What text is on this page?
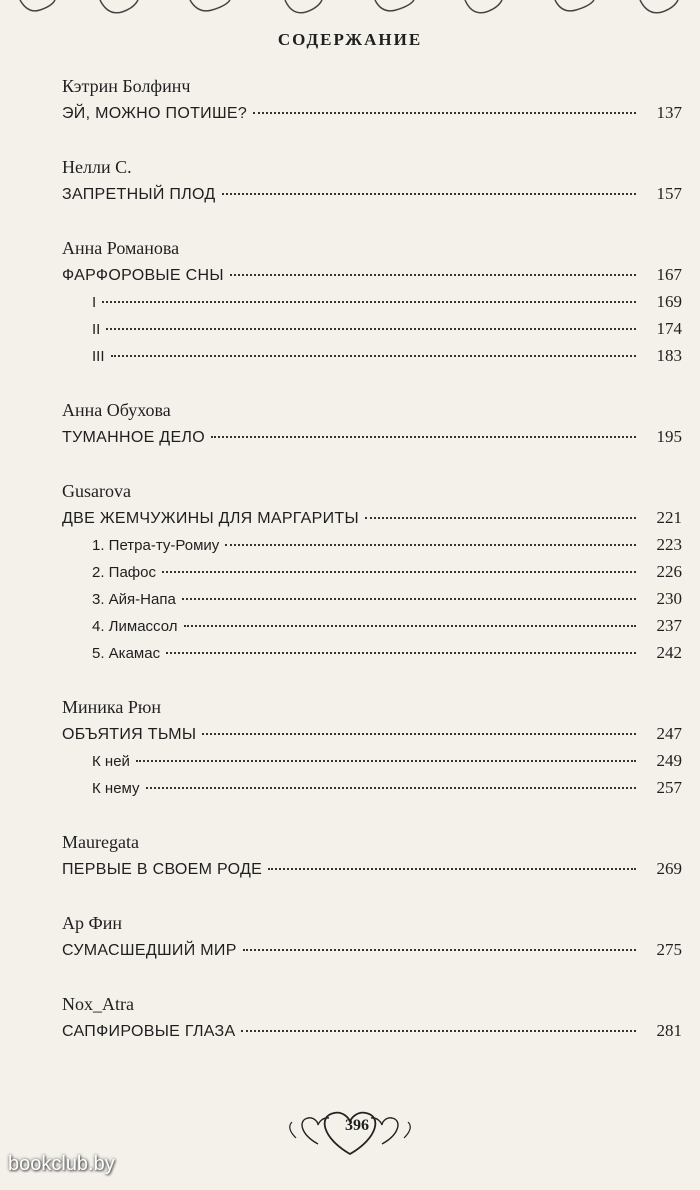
СОДЕРЖАНИЕ
Кэтрин Болфинч
ЭЙ, МОЖНО ПОТИШЕ?	137
Нелли С.
ЗАПРЕТНЫЙ ПЛОД	157
Анна Романова
ФАРФОРОВЫЕ СНЫ	167
I	169
II	174
III	183
Анна Обухова
ТУМАННОЕ ДЕЛО	195
Gusarova
ДВЕ ЖЕМЧУЖИНЫ ДЛЯ МАРГАРИТЫ	221
1. Петра-ту-Ромиу	223
2. Пафос	226
3. Айя-Напа	230
4. Лимассол	237
5. Акамас	242
Миника Рюн
ОБЪЯТИЯ ТЬМЫ	247
К ней	249
К нему	257
Mauregata
ПЕРВЫЕ В СВОЕМ РОДЕ	269
Ар Фин
СУМАСШЕДШИЙ МИР	275
Nox_Atra
САПФИРОВЫЕ ГЛАЗА	281
396
bookclub.by
